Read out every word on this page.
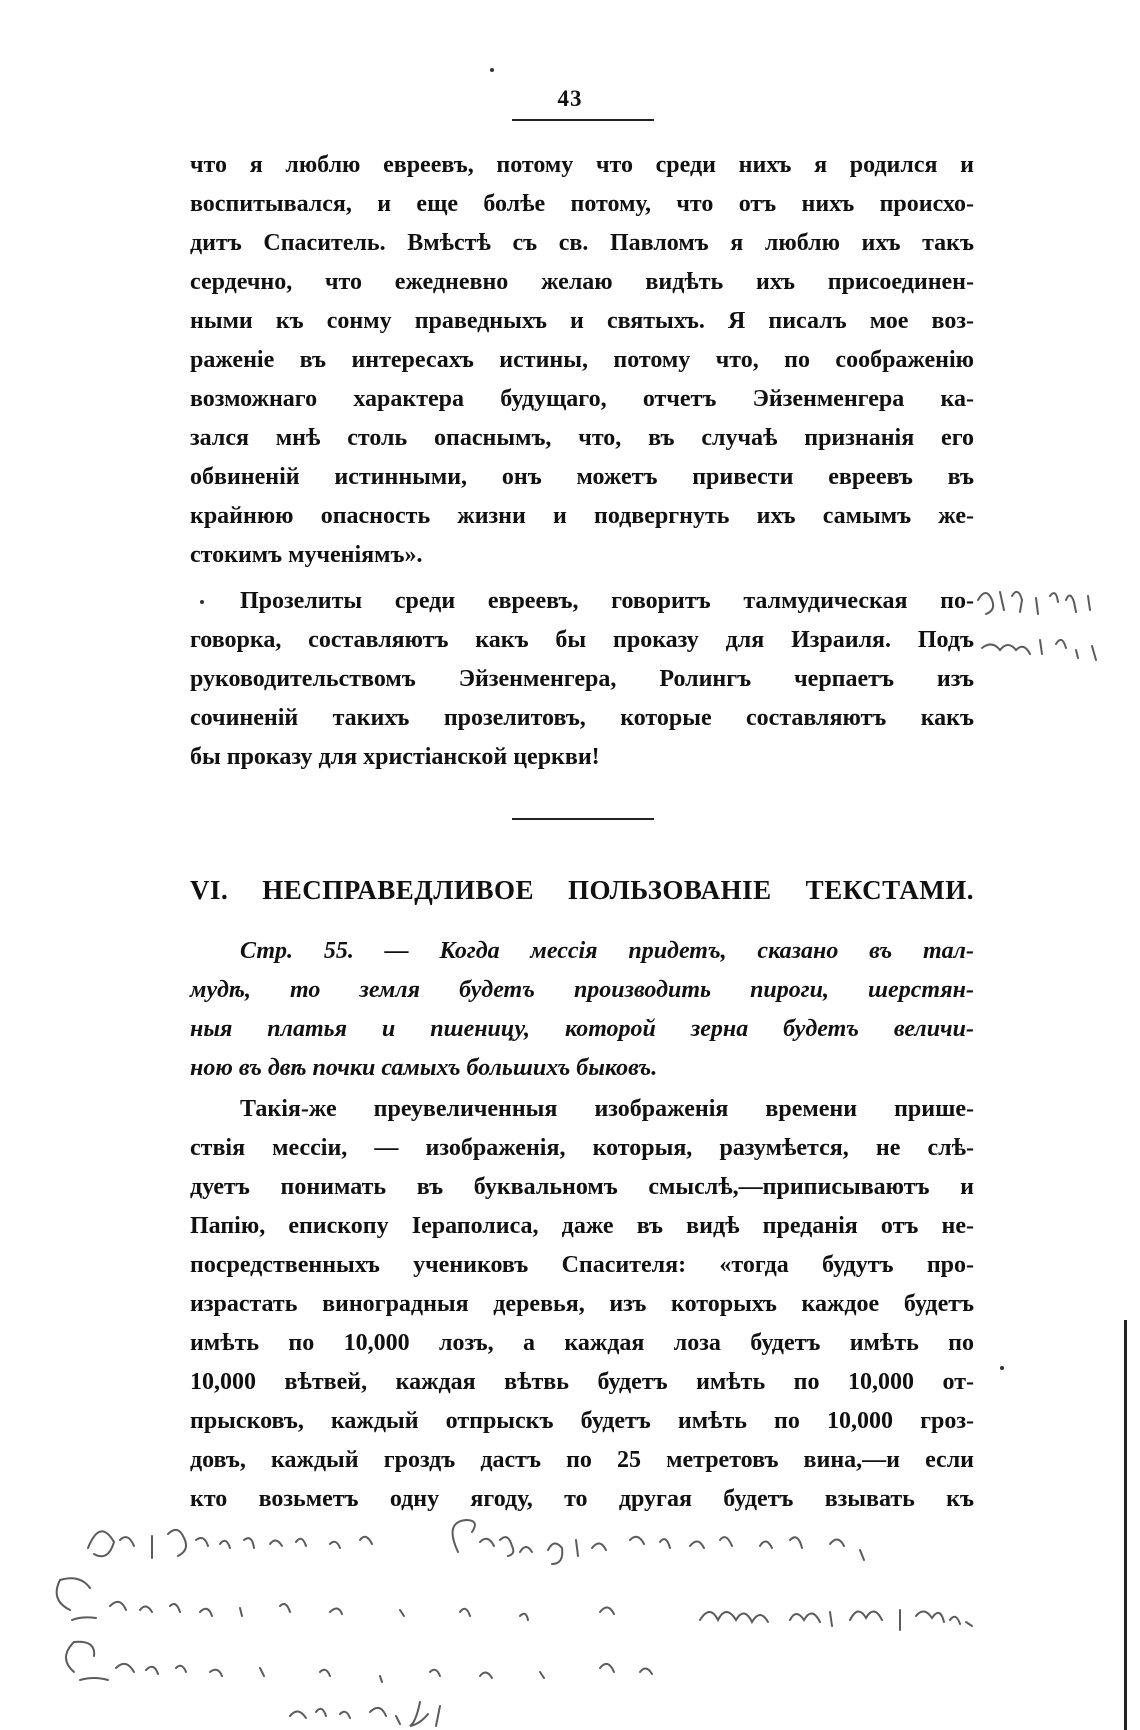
43
что я люблю евреевъ, потому что среди нихъ я родился и
воспитывался, и еще болѣе потому, что отъ нихъ происхо-
дитъ Спаситель. Вмѣстѣ съ св. Павломъ я люблю ихъ такъ
сердечно, что ежедневно желаю видѣть ихъ присоединен-
ными къ сонму праведныхъ и святыхъ. Я писалъ мое воз-
раженіе въ интересахъ истины, потому что, по соображенію
возможнаго характера будущаго, отчетъ Эйзенменгера ка-
зался мнѣ столь опаснымъ, что, въ случаѣ признанія его
обвиненій истинными, онъ можетъ привести евреевъ въ
крайнюю опасность жизни и подвергнуть ихъ самымъ же-
стокимъ мученіямъ».
Прозелиты среди евреевъ, говоритъ талмудическая по-
говорка, составляютъ какъ бы проказу для Израиля. Подъ
руководительствомъ Эйзенменгера, Ролингъ черпаетъ изъ
сочиненій такихъ прозелитовъ, которые составляютъ какъ
бы проказу для христіанской церкви!
VI. НЕСПРАВЕДЛИВОЕ ПОЛЬЗОВАНІЕ ТЕКСТАМИ.
Стр. 55. — Когда мессія придетъ, сказано въ тал-
мудѣ, то земля будетъ производить пироги, шерстян-
ныя платья и пшеницу, которой зерна будетъ величи-
ною въ двѣ почки самыхъ большихъ быковъ.
Такія-же преувеличенныя изображенія времени прише-
ствія мессіи, — изображенія, которыя, разумѣется, не слѣ-
дуетъ понимать въ буквальномъ смыслѣ,—приписываютъ и
Папію, епископу Іераполиса, даже въ видѣ преданія отъ не-
посредственныхъ учениковъ Спасителя: «тогда будутъ про-
израстать виноградныя деревья, изъ которыхъ каждое будетъ
имѣть по 10,000 лозъ, а каждая лоза будетъ имѣть по
10,000 вѣтвей, каждая вѣтвь будетъ имѣть по 10,000 от-
прысковъ, каждый отпрыскъ будетъ имѣть по 10,000 гроз-
довъ, каждый гроздъ дастъ по 25 метретовъ вина,—и если
кто возьметъ одну ягоду, то другая будетъ взывать къ
